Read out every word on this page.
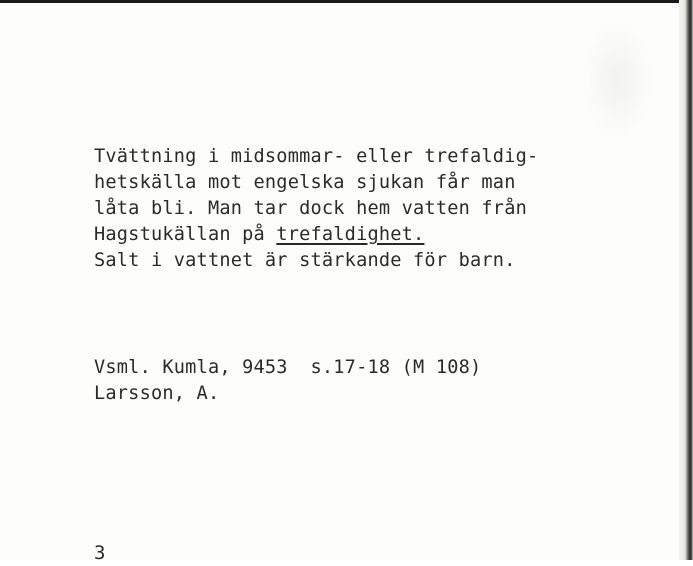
Tvättning i midsommar- eller trefaldig-
hetskälla mot engelska sjukan får man
låta bli. Man tar dock hem vatten från
Hagstukällan på trefaldighet.
Salt i vattnet är stärkande för barn.
Vsml. Kumla, 9453  s.17-18 (M 108)
Larsson, A.
3
